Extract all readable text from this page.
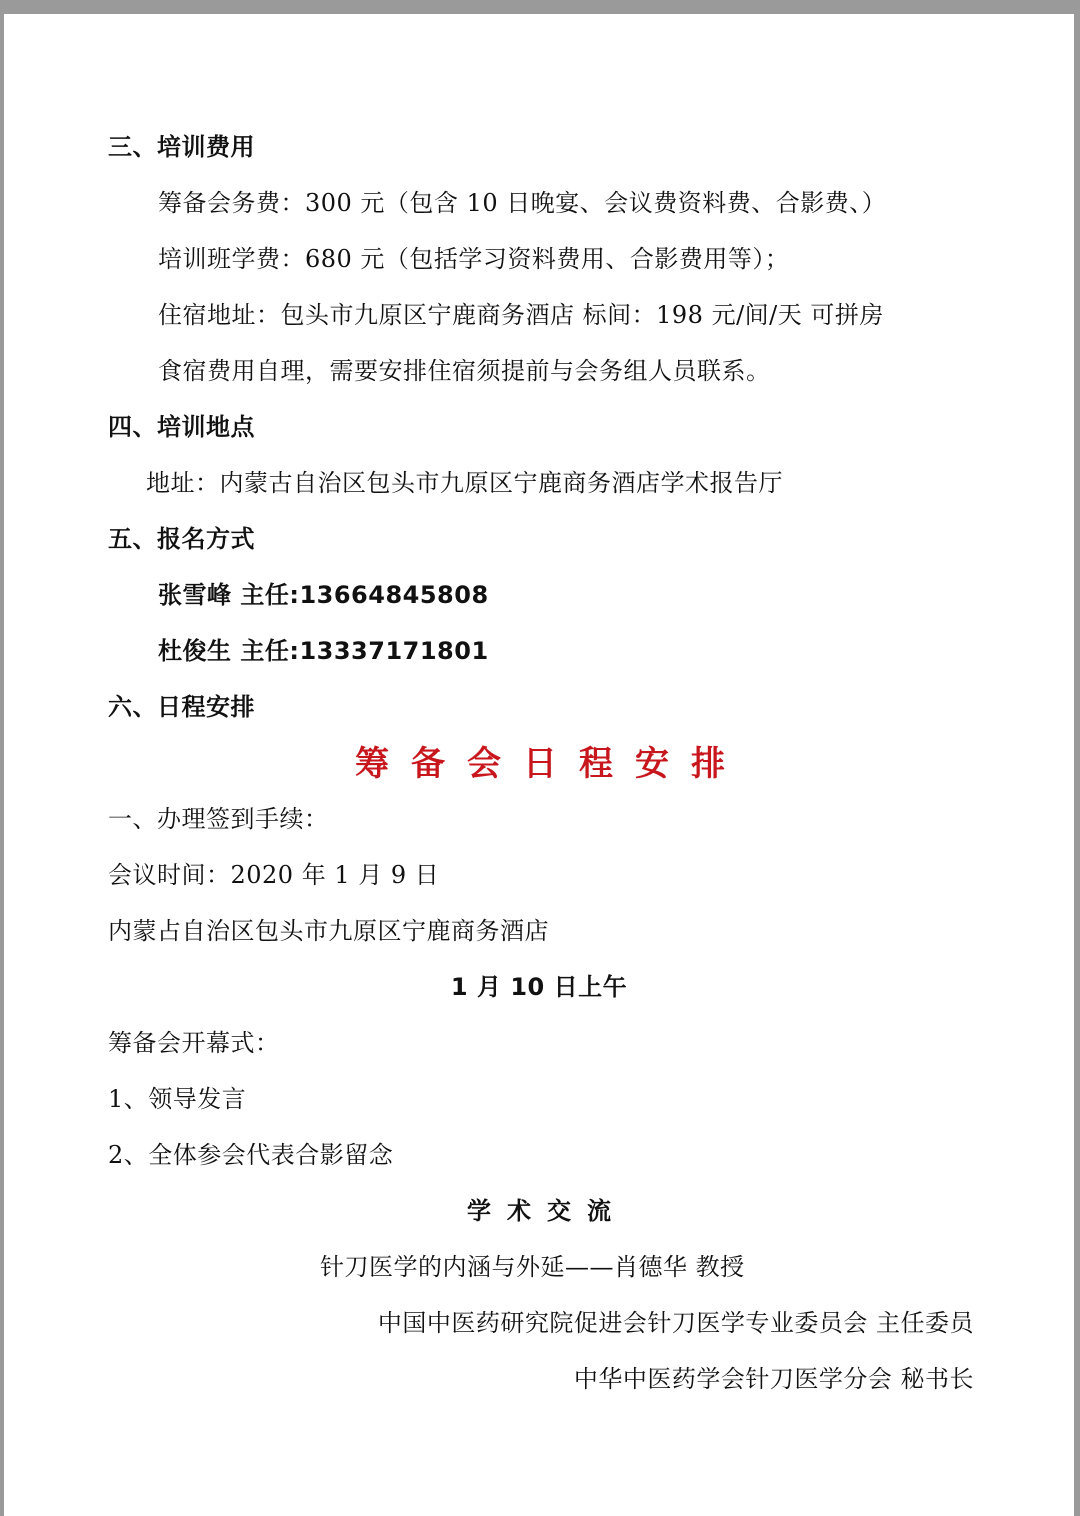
三、培训费用
筹备会务费：300 元（包含 10 日晚宴、会议费资料费、合影费、）
培训班学费：680 元（包括学习资料费用、合影费用等）；
住宿地址：包头市九原区宁鹿商务酒店 标间：198 元/间/天 可拼房
食宿费用自理，需要安排住宿须提前与会务组人员联系。
四、培训地点
地址：内蒙古自治区包头市九原区宁鹿商务酒店学术报告厅
五、报名方式
张雪峰 主任:13664845808
杜俊生 主任:13337171801
六、日程安排
筹备会日程安排
一、办理签到手续：
会议时间：2020 年 1 月 9 日
内蒙占自治区包头市九原区宁鹿商务酒店
1 月 10 日上午
筹备会开幕式：
1、领导发言
2、全体参会代表合影留念
学术交流
针刀医学的内涵与外延——肖德华 教授
中国中医药研究院促进会针刀医学专业委员会 主任委员
中华中医药学会针刀医学分会 秘书长
